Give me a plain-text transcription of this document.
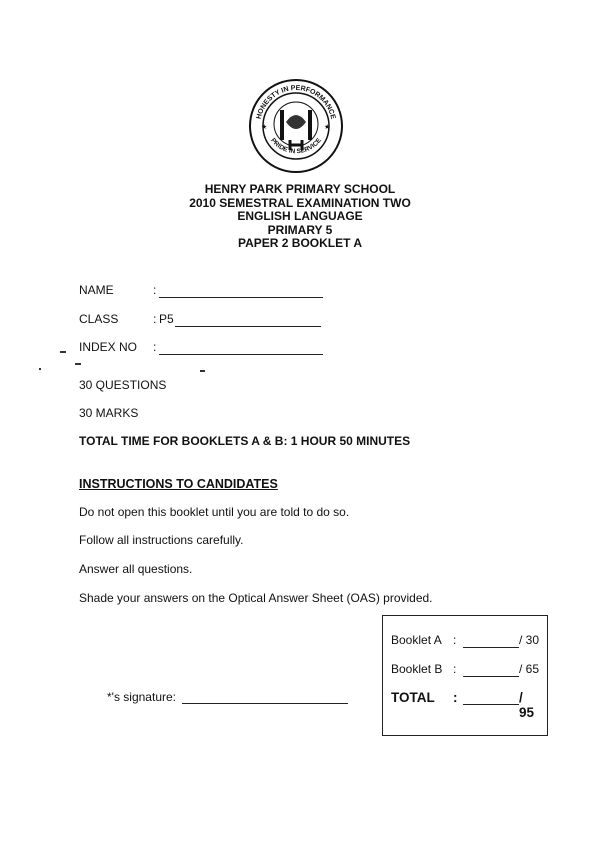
HONESTY IN PERFORMANCE
PRIDE IN SERVICE
★	★
HENRY PARK PRIMARY SCHOOL
2010 SEMESTRAL EXAMINATION TWO
ENGLISH LANGUAGE
PRIMARY 5
PAPER 2 BOOKLET A
NAME	:
CLASS	: P5
INDEX NO :
30 QUESTIONS
30 MARKS
TOTAL TIME FOR BOOKLETS A & B: 1 HOUR 50 MINUTES
INSTRUCTIONS TO CANDIDATES
Do not open this booklet until you are told to do so.
Follow all instructions carefully.
Answer all questions.
Shade your answers on the Optical Answer Sheet (OAS) provided.
*'s signature:
Booklet A :	/ 30
Booklet B :	/ 65
TOTAL :	/ 95
